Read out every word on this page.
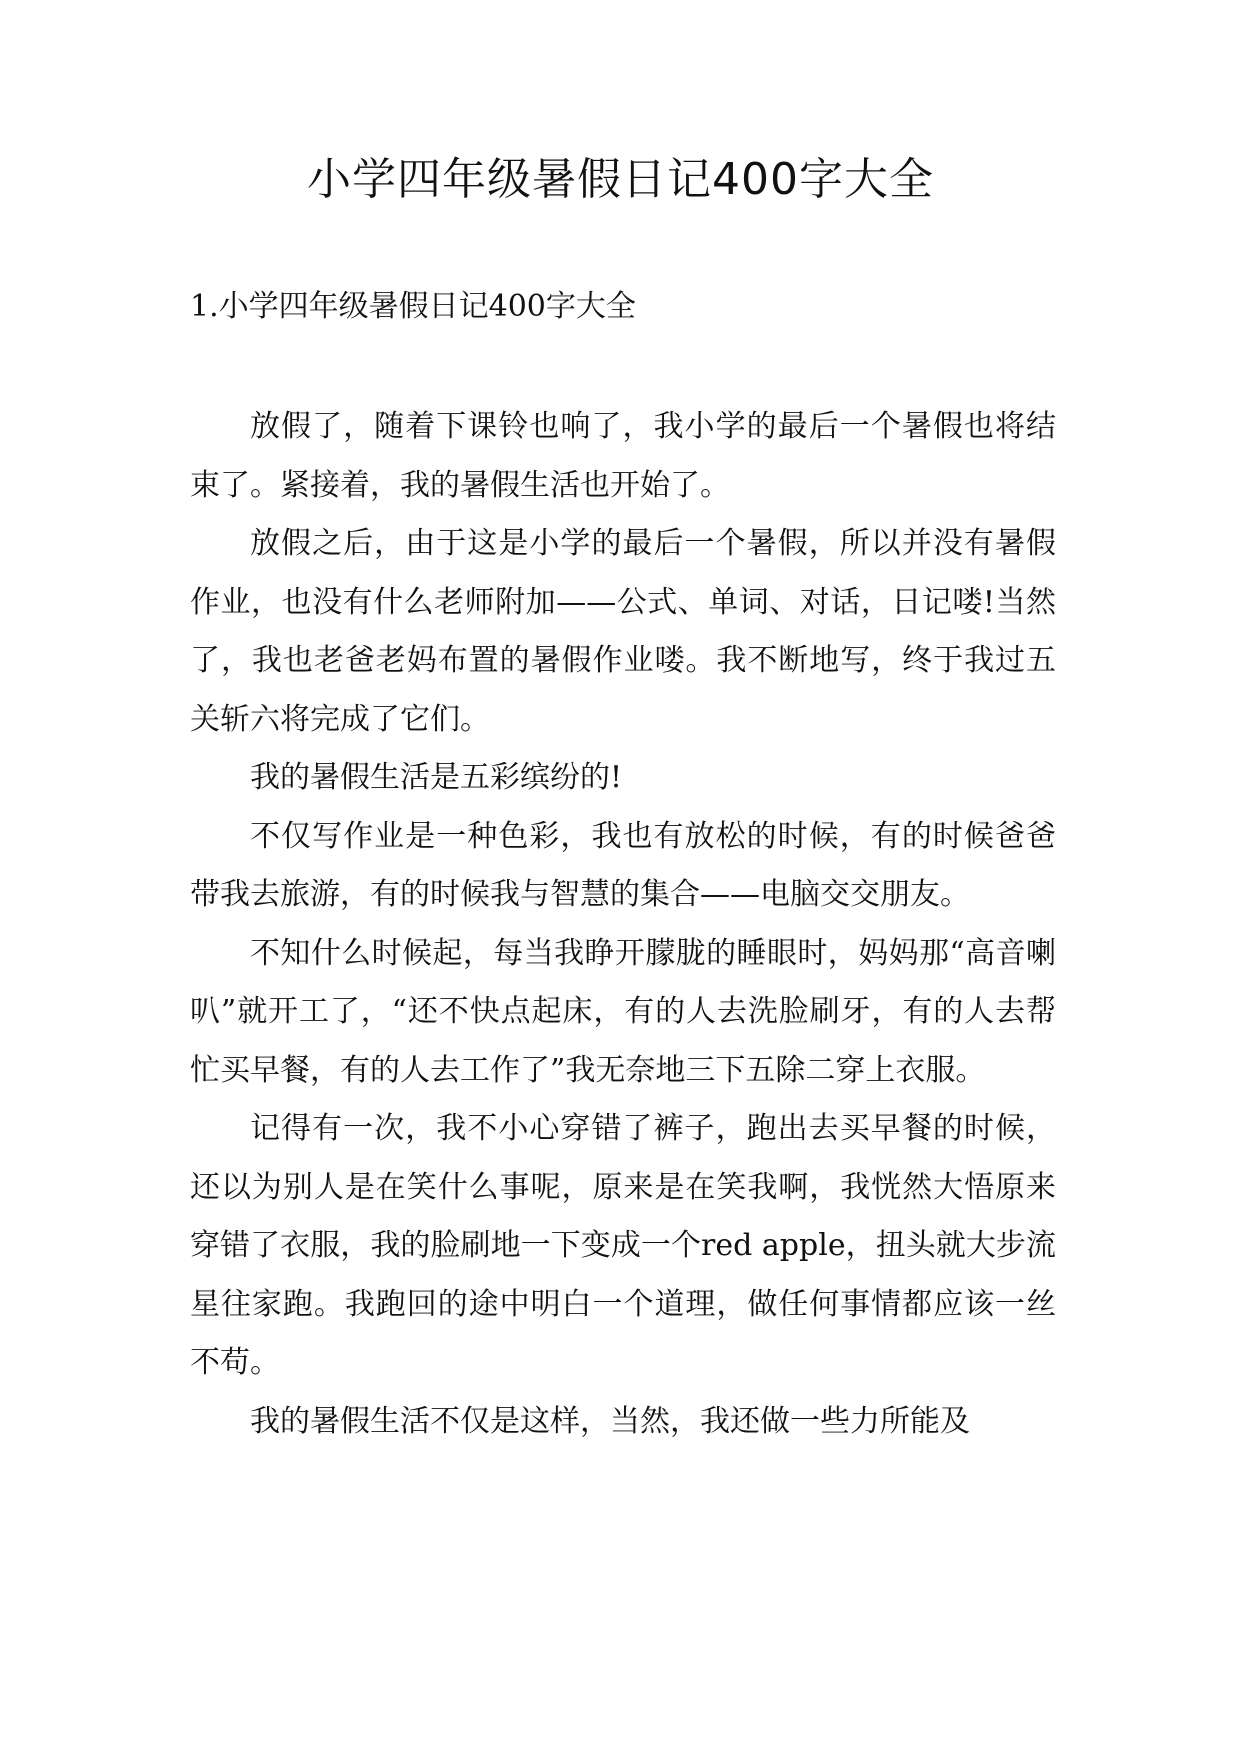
小学四年级暑假日记400字大全
1.小学四年级暑假日记400字大全

放假了，随着下课铃也响了，我小学的最后一个暑假也将结束了。紧接着，我的暑假生活也开始了。

放假之后，由于这是小学的最后一个暑假，所以并没有暑假作业，也没有什么老师附加——公式、单词、对话，日记喽!当然了，我也老爸老妈布置的暑假作业喽。我不断地写，终于我过五关斩六将完成了它们。

我的暑假生活是五彩缤纷的!

不仅写作业是一种色彩，我也有放松的时候，有的时候爸爸带我去旅游，有的时候我与智慧的集合——电脑交交朋友。

不知什么时候起，每当我睁开朦胧的睡眼时，妈妈那“高音喇叭”就开工了，“还不快点起床，有的人去洗脸刷牙，有的人去帮忙买早餐，有的人去工作了”我无奈地三下五除二穿上衣服。

记得有一次，我不小心穿错了裤子，跑出去买早餐的时候，还以为别人是在笑什么事呢，原来是在笑我啊，我恍然大悟原来穿错了衣服，我的脸刷地一下变成一个red apple，扭头就大步流星往家跑。我跑回的途中明白一个道理，做任何事情都应该一丝不苟。

我的暑假生活不仅是这样，当然，我还做一些力所能及
